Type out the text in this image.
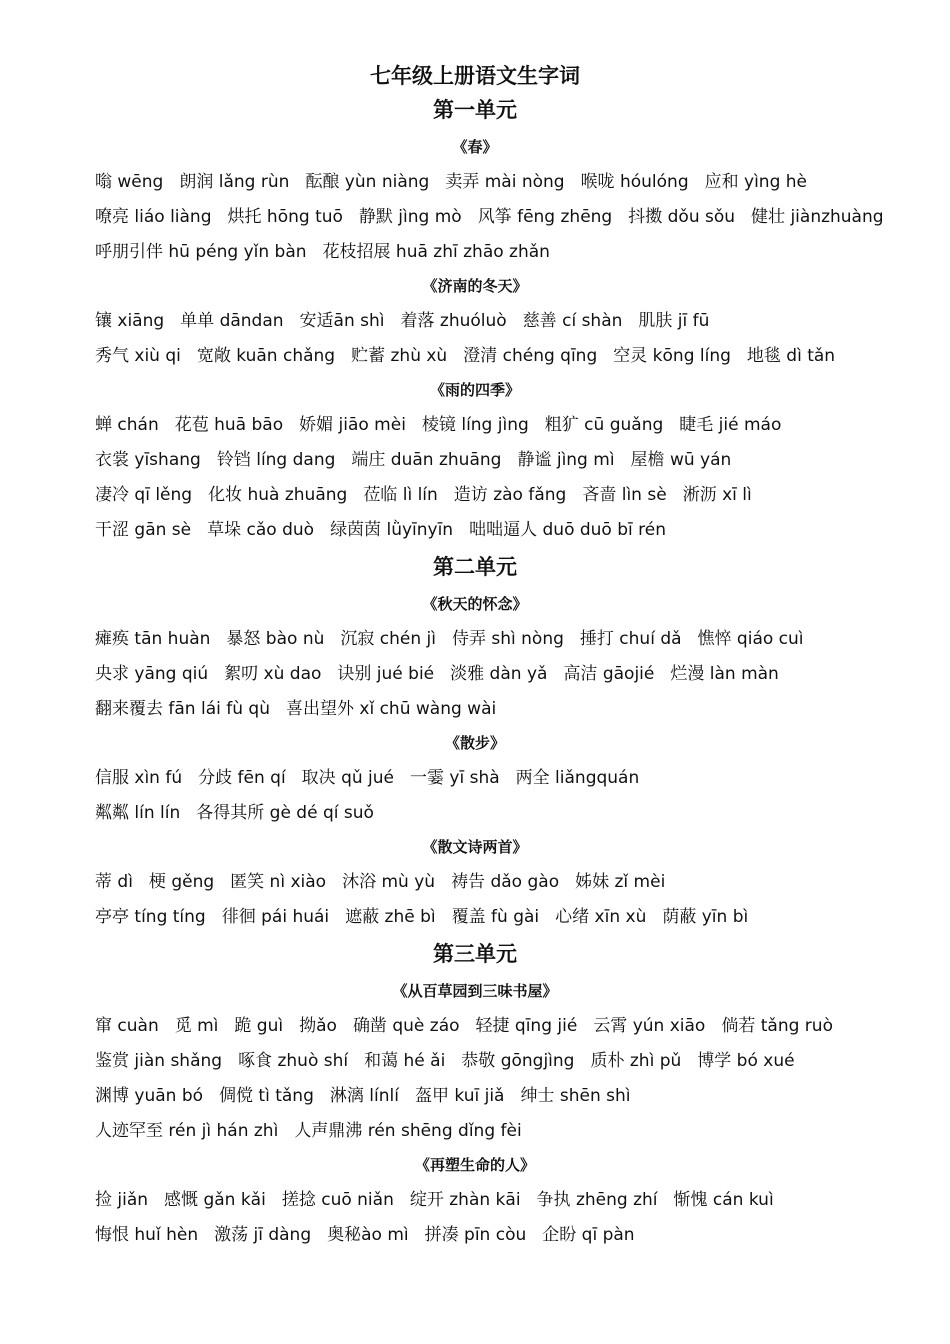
七年级上册语文生字词
第一单元
《春》
嗡 wēng 朗润 lǎng rùn 酝酿 yùn niàng 卖弄 mài nòng 喉咙 hóulóng 应和 yìng hè
嘹亮 liáo liàng 烘托 hōng tuō 静默 jìng mò 风筝 fēng zhēng 抖擞 dǒu sǒu 健壮 jiànzhuàng
呼朋引伴 hū péng yǐn bàn 花枝招展 huā zhī zhāo zhǎn
《济南的冬天》
镶 xiāng 单单 dāndan 安适ān shì 着落 zhuóluò 慈善 cí shàn 肌肤 jī fū
秀气 xiù qi 宽敞 kuān chǎng 贮蓄 zhù xù 澄清 chéng qīng 空灵 kōng líng 地毯 dì tǎn
《雨的四季》
蝉 chán 花苞 huā bāo 娇媚 jiāo mèi 棱镜 líng jìng 粗犷 cū guǎng 睫毛 jié máo
衣裳 yīshang 铃铛 líng dang 端庄 duān zhuāng 静谧 jìng mì 屋檐 wū yán
凄冷 qī lěng 化妆 huà zhuāng 莅临 lì lín 造访 zào fǎng 吝啬 lìn sè 淅沥 xī lì
干涩 gān sè 草垛 cǎo duò 绿茵茵 lǜyīnyīn 咄咄逼人 duō duō bī rén
第二单元
《秋天的怀念》
瘫痪 tān huàn 暴怒 bào nù 沉寂 chén jì 侍弄 shì nòng 捶打 chuí dǎ 憔悴 qiáo cuì
央求 yāng qiú 絮叨 xù dao 诀别 jué bié 淡雅 dàn yǎ 高洁 gāojié 烂漫 làn màn
翻来覆去 fān lái fù qù 喜出望外 xǐ chū wàng wài
《散步》
信服 xìn fú 分歧 fēn qí 取决 qǔ jué 一霎 yī shà 两全 liǎngquán
粼粼 lín lín 各得其所 gè dé qí suǒ
《散文诗两首》
蒂 dì 梗 gěng 匿笑 nì xiào 沐浴 mù yù 祷告 dǎo gào 姊妹 zǐ mèi
亭亭 tíng tíng 徘徊 pái huái 遮蔽 zhē bì 覆盖 fù gài 心绪 xīn xù 荫蔽 yīn bì
第三单元
《从百草园到三味书屋》
窜 cuàn 觅 mì 跪 guì 拗ǎo 确凿 què záo 轻捷 qīng jié 云霄 yún xiāo 倘若 tǎng ruò
鉴赏 jiàn shǎng 啄食 zhuò shí 和蔼 hé ǎi 恭敬 gōngjìng 质朴 zhì pǔ 博学 bó xué
渊博 yuān bó 倜傥 tì tǎng 淋漓 línlí 盔甲 kuī jiǎ 绅士 shēn shì
人迹罕至 rén jì hán zhì 人声鼎沸 rén shēng dǐng fèi
《再塑生命的人》
捡 jiǎn 感慨 gǎn kǎi 搓捻 cuō niǎn 绽开 zhàn kāi 争执 zhēng zhí 惭愧 cán kuì
悔恨 huǐ hèn 激荡 jī dàng 奥秘ào mì 拼凑 pīn còu 企盼 qī pàn
